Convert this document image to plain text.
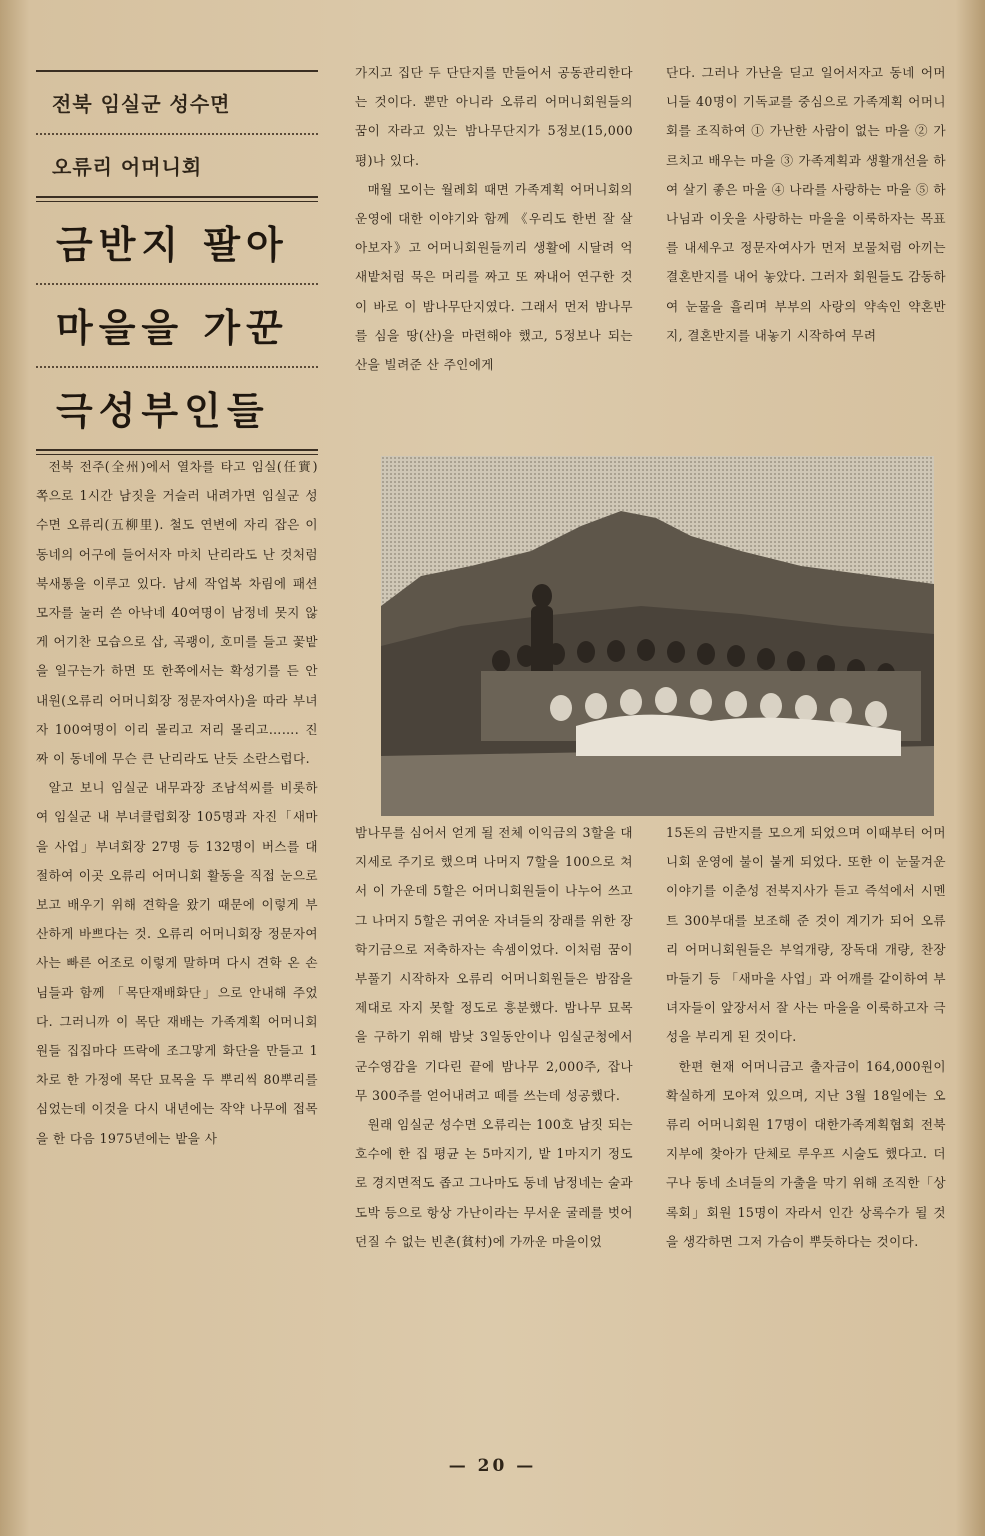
전북 임실군 성수면
오류리 어머니회
금반지 팔아
마을을 가꾼
극성부인들

전북 전주(全州)에서 열차를 타고 임실(任實) 쪽으로 1시간 남짓을 거슬러 내려가면 임실군 성수면 오류리(五柳里). 철도 연변에 자리 잡은 이 동네의 어구에 들어서자 마치 난리라도 난 것처럼 북새통을 이루고 있다. 남세 작업복 차림에 패션 모자를 눌러 쓴 아낙네 40여명이 남정네 못지 않게 어기찬 모습으로 삽, 곡괭이, 호미를 들고 꽃밭을 일구는가 하면 또 한쪽에서는 확성기를 든 안내원(오류리 어머니회장 정문자여사)을 따라 부녀자 100여명이 이리 몰리고 저리 몰리고……. 진짜 이 동네에 무슨 큰 난리라도 난듯 소란스럽다.

알고 보니 임실군 내무과장 조남석씨를 비롯하여 임실군 내 부녀클럽회장 105명과 자진「새마을 사업」부녀회장 27명 등 132명이 버스를 대절하여 이곳 오류리 어머니회 활동을 직접 눈으로 보고 배우기 위해 견학을 왔기 때문에 이렇게 부산하게 바쁘다는 것. 오류리 어머니회장 정문자여사는 빠른 어조로 이렇게 말하며 다시 견학 온 손님들과 함께 「목단재배화단」으로 안내해 주었다. 그러니까 이 목단 재배는 가족계획 어머니회원들 집집마다 뜨락에 조그맣게 화단을 만들고 1차로 한 가정에 목단 묘목을 두 뿌리씩 80뿌리를 심었는데 이것을 다시 내년에는 작약 나무에 접목을 한 다음 1975년에는 밭을 사

가지고 집단 두 단단지를 만들어서 공동관리한다는 것이다. 뿐만 아니라 오류리 어머니회원들의 꿈이 자라고 있는 밤나무단지가 5정보(15,000평)나 있다.

매월 모이는 월례회 때면 가족계획 어머니회의 운영에 대한 이야기와 함께 《우리도 한번 잘 살아보자》고 어머니회원들끼리 생활에 시달려 억새밭처럼 묵은 머리를 짜고 또 짜내어 연구한 것이 바로 이 밤나무단지였다. 그래서 먼저 밤나무를 심을 땅(산)을 마련해야 했고, 5정보나 되는 산을 빌려준 산 주인에게

단다. 그러나 가난을 딛고 일어서자고 동네 어머니들 40명이 기독교를 중심으로 가족계획 어머니회를 조직하여 ① 가난한 사람이 없는 마을 ② 가르치고 배우는 마을 ③ 가족계획과 생활개선을 하여 살기 좋은 마을 ④ 나라를 사랑하는 마을 ⑤ 하나님과 이웃을 사랑하는 마을을 이룩하자는 목표를 내세우고 정문자여사가 먼저 보물처럼 아끼는 결혼반지를 내어 놓았다. 그러자 회원들도 감동하여 눈물을 흘리며 부부의 사랑의 약속인 약혼반지, 결혼반지를 내놓기 시작하여 무려

밤나무를 심어서 얻게 될 전체 이익금의 3할을 대지세로 주기로 했으며 나머지 7할을 100으로 쳐서 이 가운데 5할은 어머니회원들이 나누어 쓰고 그 나머지 5할은 귀여운 자녀들의 장래를 위한 장학기금으로 저축하자는 속셈이었다. 이처럼 꿈이 부풀기 시작하자 오류리 어머니회원들은 밤잠을 제대로 자지 못할 정도로 흥분했다. 밤나무 묘목을 구하기 위해 밤낮 3일동안이나 임실군청에서 군수영감을 기다린 끝에 밤나무 2,000주, 잡나무 300주를 얻어내려고 떼를 쓰는데 성공했다.

원래 임실군 성수면 오류리는 100호 남짓 되는 호수에 한 집 평균 논 5마지기, 밭 1마지기 정도로 경지면적도 좁고 그나마도 동네 남정네는 술과 도박 등으로 항상 가난이라는 무서운 굴레를 벗어 던질 수 없는 빈촌(貧村)에 가까운 마을이었

15돈의 금반지를 모으게 되었으며 이때부터 어머니회 운영에 불이 붙게 되었다. 또한 이 눈물겨운 이야기를 이춘성 전북지사가 듣고 즉석에서 시멘트 300부대를 보조해 준 것이 계기가 되어 오류리 어머니회원들은 부엌개량, 장독대 개량, 찬장 마들기 등 「새마을 사업」과 어깨를 같이하여 부녀자들이 앞장서서 잘 사는 마을을 이룩하고자 극성을 부리게 된 것이다.

한편 현재 어머니금고 출자금이 164,000원이 확실하게 모아져 있으며, 지난 3월 18일에는 오류리 어머니회원 17명이 대한가족계획협회 전북지부에 찾아가 단체로 루우프 시술도 했다고. 더구나 동네 소녀들의 가출을 막기 위해 조직한「상록회」회원 15명이 자라서 인간 상록수가 될 것을 생각하면 그저 가슴이 뿌듯하다는 것이다.

— 20 —
